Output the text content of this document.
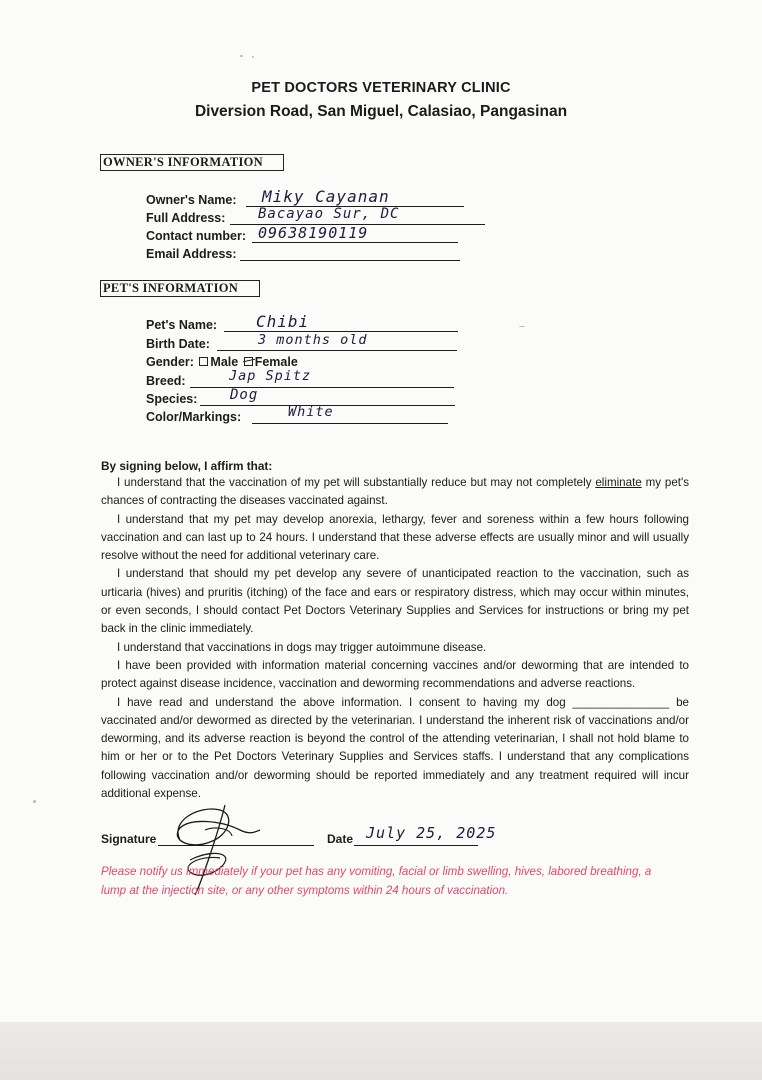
PET DOCTORS VETERINARY CLINIC
Diversion Road, San Miguel, Calasiao, Pangasinan
OWNER'S INFORMATION
Owner's Name: Miky Cayanan
Full Address: Bacayao Sur, DC
Contact number: 09638190119
Email Address:
PET'S INFORMATION
Pet's Name: Chibi
Birth Date:	3 months old
Gender: Male Female
Breed:	Jap Spitz
Species: Dog
Color/Markings:	White
By signing below, I affirm that:

I understand that the vaccination of my pet will substantially reduce but may not completely eliminate my pet's chances of contracting the diseases vaccinated against.

I understand that my pet may develop anorexia, lethargy, fever and soreness within a few hours following vaccination and can last up to 24 hours. I understand that these adverse effects are usually minor and will usually resolve without the need for additional veterinary care.

I understand that should my pet develop any severe of unanticipated reaction to the vaccination, such as urticaria (hives) and pruritis (itching) of the face and ears or respiratory distress, which may occur within minutes, or even seconds, I should contact Pet Doctors Veterinary Supplies and Services for instructions or bring my pet back in the clinic immediately.

I understand that vaccinations in dogs may trigger autoimmune disease.

I have been provided with information material concerning vaccines and/or deworming that are intended to protect against disease incidence, vaccination and deworming recommendations and adverse reactions.

I have read and understand the above information. I consent to having my dog _______________ be vaccinated and/or dewormed as directed by the veterinarian. I understand the inherent risk of vaccinations and/or deworming, and its adverse reaction is beyond the control of the attending veterinarian, I shall not hold blame to him or her or to the Pet Doctors Veterinary Supplies and Services staffs. I understand that any complications following vaccination and/or deworming should be reported immediately and any treatment required will incur additional expense.

Signature	Date July 25, 2025
Please notify us immediately if your pet has any vomiting, facial or limb swelling, hives, labored breathing, a lump at the injection site, or any other symptoms within 24 hours of vaccination.
